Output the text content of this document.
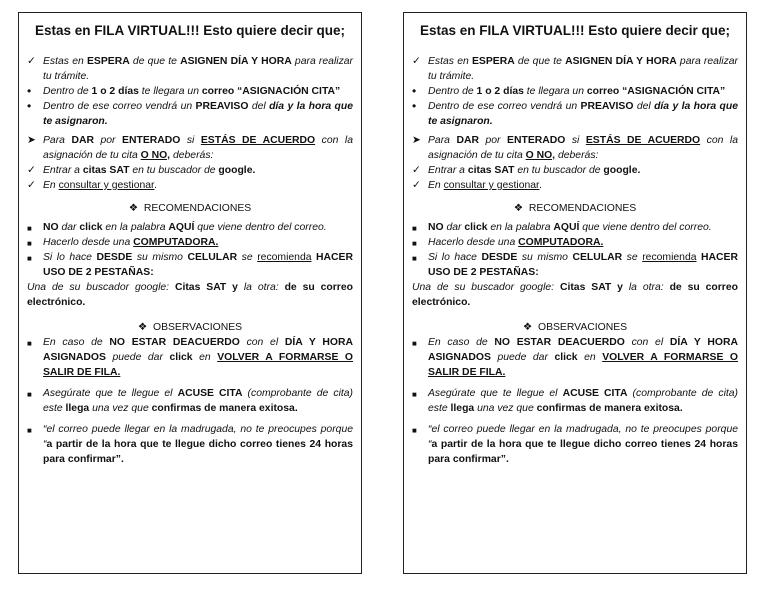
Estas en FILA VIRTUAL!!! Esto quiere decir que;
✓ Estas en ESPERA de que te ASIGNEN DÍA Y HORA para realizar tu trámite.
•	Dentro de 1 o 2 días te llegara un correo “ASIGNACIÓN CITA”
•	Dentro de ese correo vendrá un PREAVISO del día y la hora que te asignaron.
➤ Para DAR por ENTERADO si ESTÁS DE ACUERDO con la asignación de tu cita O NO, deberás:
✓ Entrar a citas SAT en tu buscador de google.
✓ En consultar y gestionar.
❖ RECOMENDACIONES
■	NO dar click en la palabra AQUÍ que viene dentro del correo.
■	Hacerlo desde una COMPUTADORA.
■	Si lo hace DESDE su mismo CELULAR se recomienda HACER USO DE 2 PESTAÑAS:
Una de su buscador google: Citas SAT y la otra: de su correo electrónico.
❖ OBSERVACIONES
■	En caso de NO ESTAR DEACUERDO con el DÍA Y HORA ASIGNADOS puede dar click en VOLVER A FORMARSE O SALIR DE FILA.
■	Asegúrate que te llegue el ACUSE CITA (comprobante de cita) este llega una vez que confirmas de manera exitosa.
■	“el correo puede llegar en la madrugada, no te preocupes porque “a partir de la hora que te llegue dicho correo tienes 24 horas para confirmar”.
Estas en FILA VIRTUAL!!! Esto quiere decir que;
✓ Estas en ESPERA de que te ASIGNEN DÍA Y HORA para realizar tu trámite.
•	Dentro de 1 o 2 días te llegara un correo “ASIGNACIÓN CITA”
•	Dentro de ese correo vendrá un PREAVISO del día y la hora que te asignaron.
➤ Para DAR por ENTERADO si ESTÁS DE ACUERDO con la asignación de tu cita O NO, deberás:
✓ Entrar a citas SAT en tu buscador de google.
✓ En consultar y gestionar.
❖ RECOMENDACIONES
■	NO dar click en la palabra AQUÍ que viene dentro del correo.
■	Hacerlo desde una COMPUTADORA.
■	Si lo hace DESDE su mismo CELULAR se recomienda HACER USO DE 2 PESTAÑAS:
Una de su buscador google: Citas SAT y la otra: de su correo electrónico.
❖ OBSERVACIONES
■	En caso de NO ESTAR DEACUERDO con el DÍA Y HORA ASIGNADOS puede dar click en VOLVER A FORMARSE O SALIR DE FILA.
■	Asegúrate que te llegue el ACUSE CITA (comprobante de cita) este llega una vez que confirmas de manera exitosa.
■	“el correo puede llegar en la madrugada, no te preocupes porque “a partir de la hora que te llegue dicho correo tienes 24 horas para confirmar”.
